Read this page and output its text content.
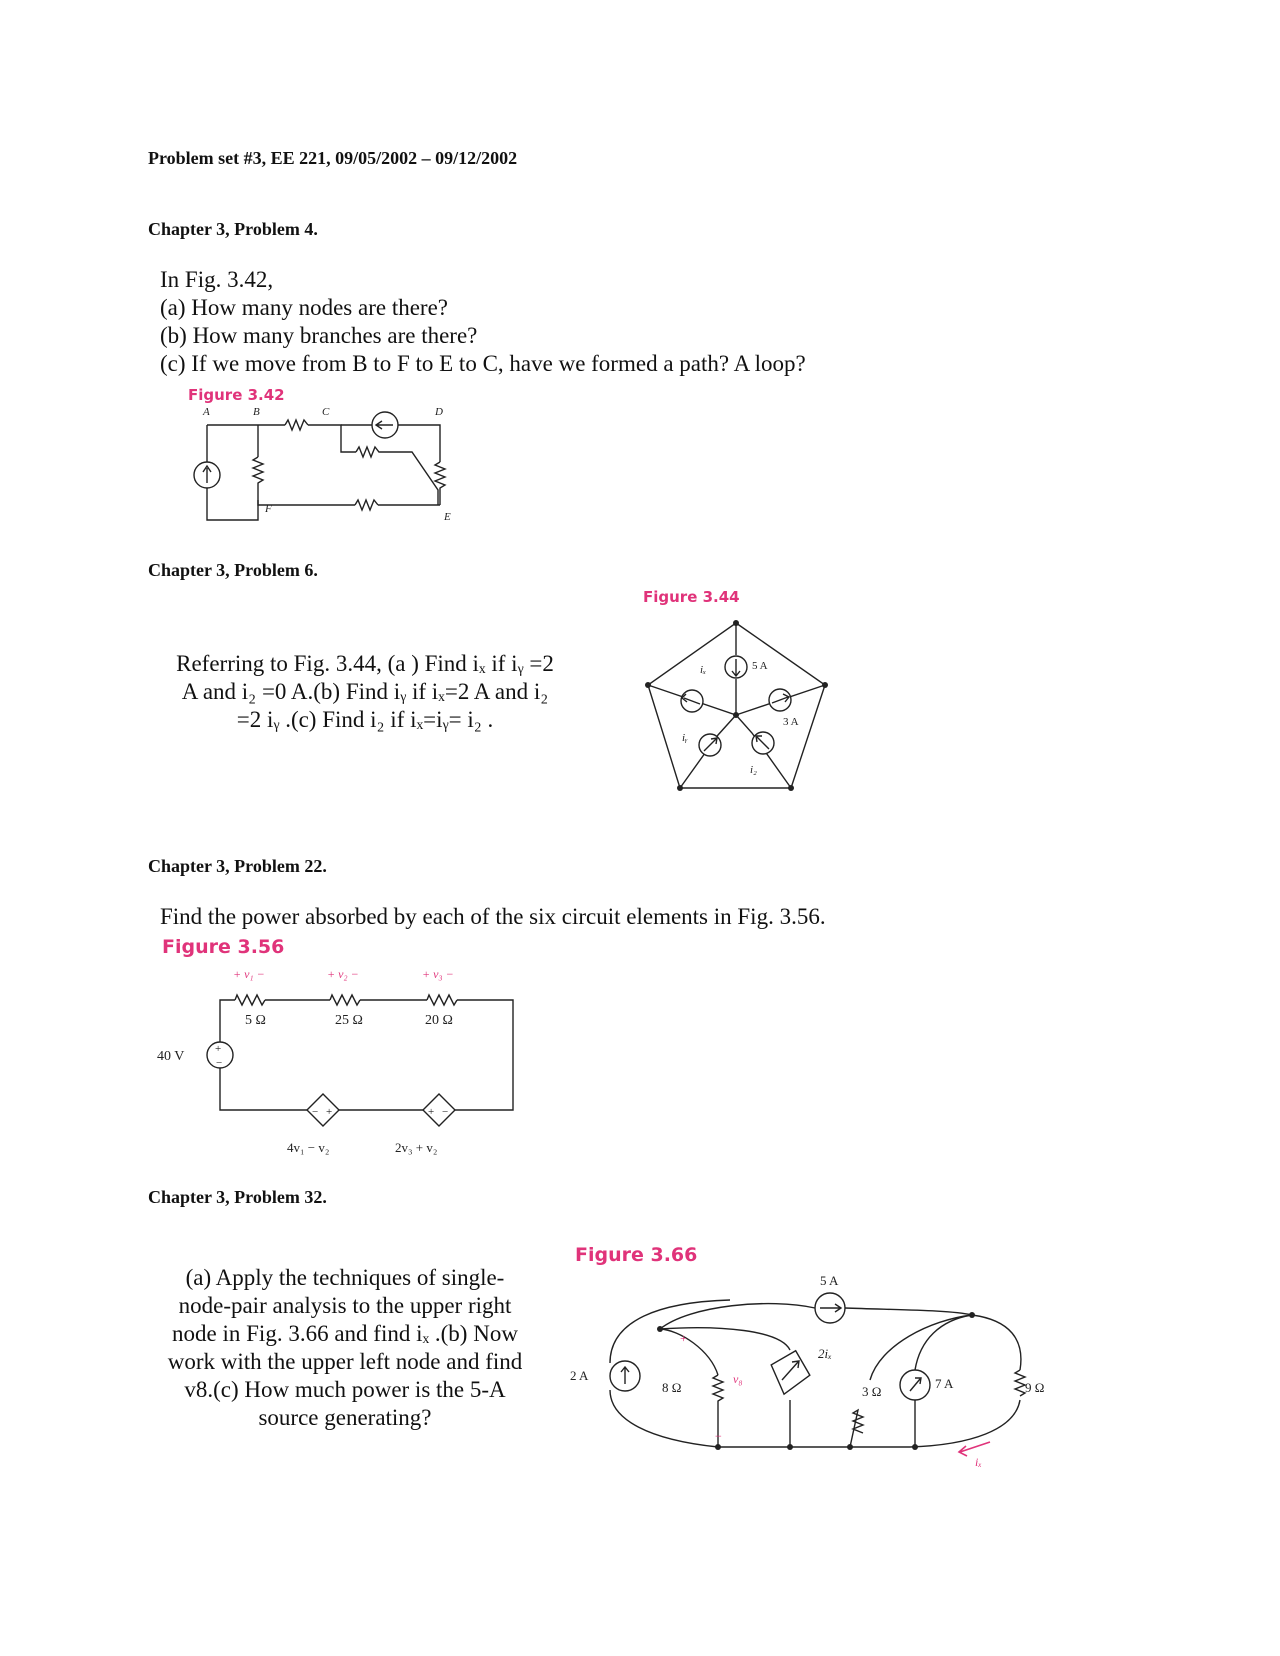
Problem set #3, EE 221, 09/05/2002 – 09/12/2002
Chapter 3, Problem 4.
In Fig. 3.42,
(a) How many nodes are there?
(b) How many branches are there?
(c) If we move from B to F to E to C, have we formed a path? A loop?
Figure 3.42
A	B	C	D
E
F
Chapter 3, Problem 6.
Referring to Fig. 3.44, (a ) Find iₓ if iᵧ =2
A and i₂ =0 A.(b) Find iᵧ if iₓ=2 A and i₂
=2 iᵧ .(c) Find i₂ if iₓ=iᵧ= i₂ .
Figure 3.44
5 A
3 A
iₓ
iᵧ
i₂
Chapter 3, Problem 22.
Find the power absorbed by each of the six circuit elements in Fig. 3.56.
Figure 3.56
+
−
− +	+ −
40 V
5 Ω	25 Ω	20 Ω
4v₁ − v₂	2v₃ + v₂
+ v₁ −	+ v₂ −	+ v₃ −
Chapter 3, Problem 32.
(a) Apply the techniques of single-
node-pair analysis to the upper right
node in Fig. 3.66 and find iₓ .(b) Now
work with the upper left node and find
v8.(c) How much power is the 5-A
source generating?
Figure 3.66
5 A
2 A
8 Ω
2iₓ
3 Ω
7 A	9 Ω
+
−
v₈
iₓ
